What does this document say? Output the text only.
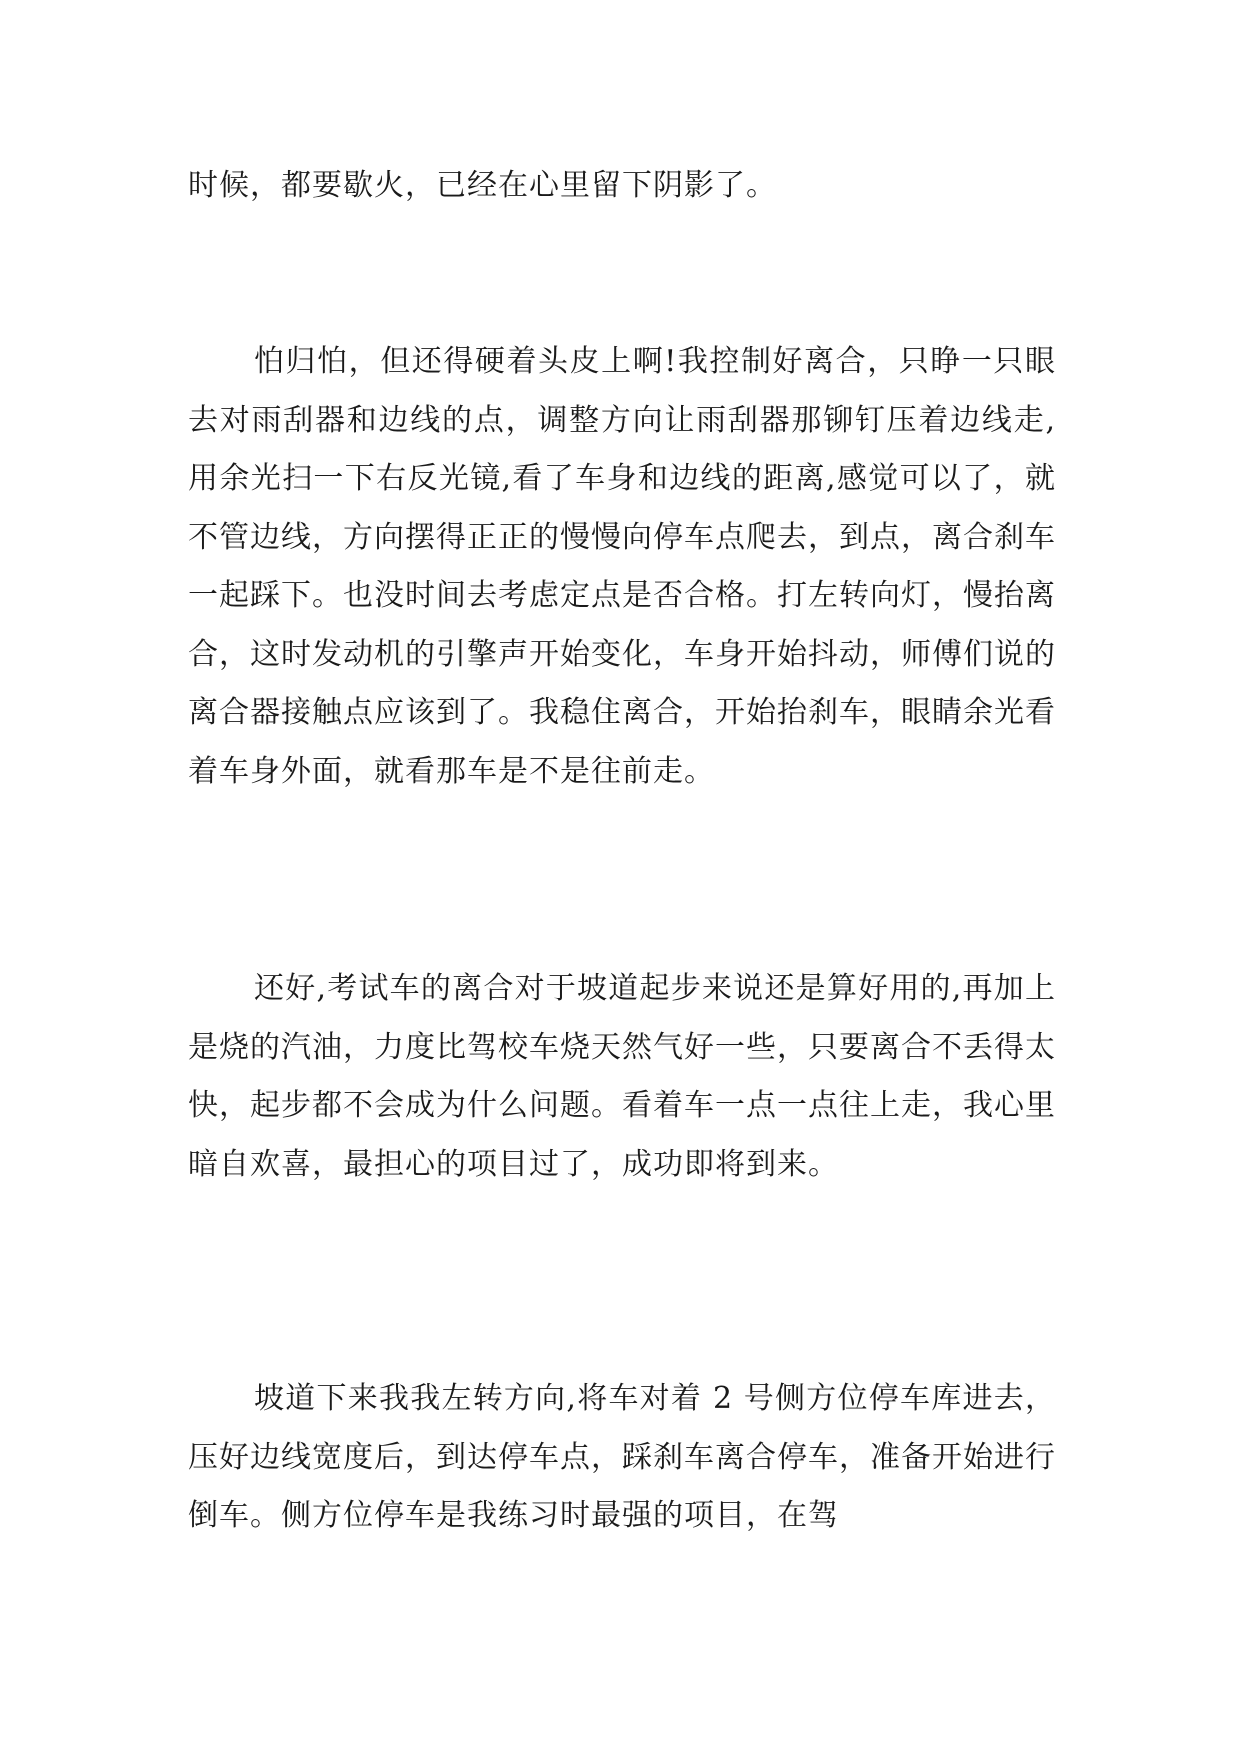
时候，都要歇火，已经在心里留下阴影了。

怕归怕，但还得硬着头皮上啊!我控制好离合，只睁一只眼去对雨刮器和边线的点，调整方向让雨刮器那铆钉压着边线走,用余光扫一下右反光镜,看了车身和边线的距离,感觉可以了，就不管边线，方向摆得正正的慢慢向停车点爬去，到点，离合刹车一起踩下。也没时间去考虑定点是否合格。打左转向灯，慢抬离合，这时发动机的引擎声开始变化，车身开始抖动，师傅们说的离合器接触点应该到了。我稳住离合，开始抬刹车，眼睛余光看着车身外面，就看那车是不是往前走。

还好,考试车的离合对于坡道起步来说还是算好用的,再加上是烧的汽油，力度比驾校车烧天然气好一些，只要离合不丢得太快，起步都不会成为什么问题。看着车一点一点往上走，我心里暗自欢喜，最担心的项目过了，成功即将到来。

坡道下来我我左转方向,将车对着 2 号侧方位停车库进去，压好边线宽度后，到达停车点，踩刹车离合停车，准备开始进行倒车。侧方位停车是我练习时最强的项目，在驾
